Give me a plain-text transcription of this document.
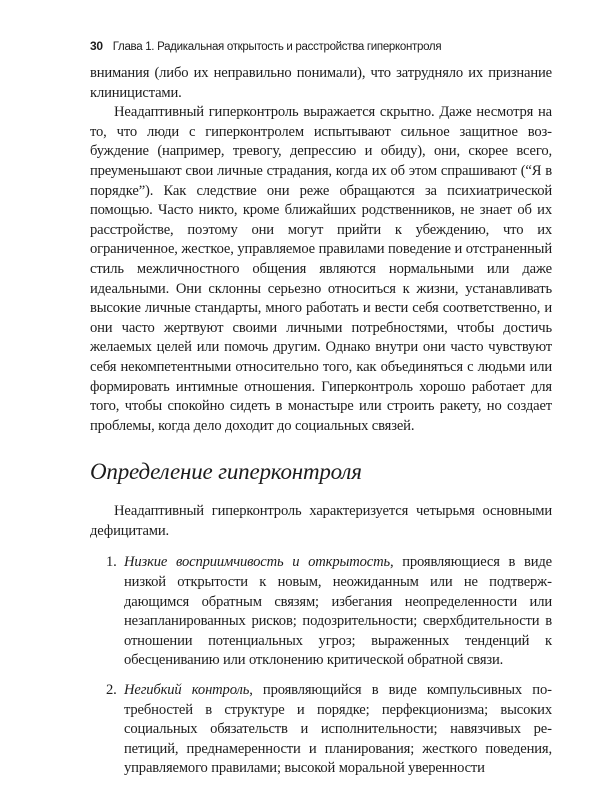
30 Глава 1. Радикальная открытость и расстройства гиперконтроля

внимания (либо их неправильно понимали), что затрудняло их признание клиницистами.

Неадаптивный гиперконтроль выражается скрытно. Даже несмотря на то, что люди с гиперконтролем испытывают сильное защитное возбуждение (например, тревогу, депрессию и обиду), они, скорее всего, преуменьшают свои личные страдания, когда их об этом спрашивают (“Я в порядке”). Как следствие они реже обращаются за психиатрической помощью. Часто никто, кроме ближайших родственников, не знает об их расстройстве, поэтому они могут прийти к убеждению, что их ограниченное, жесткое, управляемое правилами поведение и отстраненный стиль межличностного общения являются нормальными или даже идеальными. Они склонны серьезно относиться к жизни, устанавливать высокие личные стандарты, много работать и вести себя соответственно, и они часто жертвуют своими личными потребностями, чтобы достичь желаемых целей или помочь другим. Однако внутри они часто чувствуют себя некомпетентными относительно того, как объединяться с людьми или формировать интимные отношения. Гиперконтроль хорошо работает для того, чтобы спокойно сидеть в монастыре или строить ракету, но создает проблемы, когда дело доходит до социальных связей.

Определение гиперконтроля

Неадаптивный гиперконтроль характеризуется четырьмя основными дефицитами.

1. Низкие восприимчивость и открытость, проявляющиеся в виде низкой открытости к новым, неожиданным или не подтверждающимся обратным связям; избегания неопределенности или незапланированных рисков; подозрительности; сверхбдительности в отношении потенциальных угроз; выраженных тенденций к обесцениванию или отклонению критической обратной связи.
2. Негибкий контроль, проявляющийся в виде компульсивных потребностей в структуре и порядке; перфекционизма; высоких социальных обязательств и исполнительности; навязчивых репетиций, преднамеренности и планирования; жесткого поведения, управляемого правилами; высокой моральной уверенности
